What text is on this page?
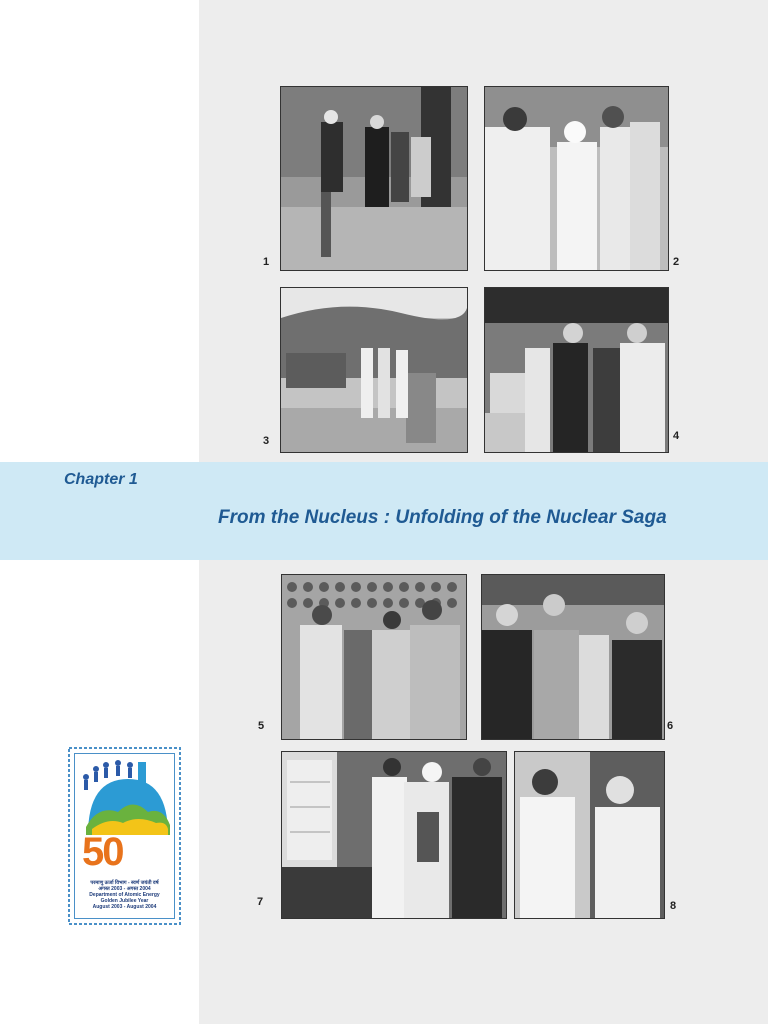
1	2
3	4
Chapter 1
From the Nucleus : Unfolding of the Nuclear Saga
5	6
7	8
50
परमाणु ऊर्जा विभाग - स्वर्ण जयंती वर्ष
अगस्त 2003 - अगस्त 2004
Department of Atomic Energy
Golden Jubilee Year
August 2003 - August 2004
